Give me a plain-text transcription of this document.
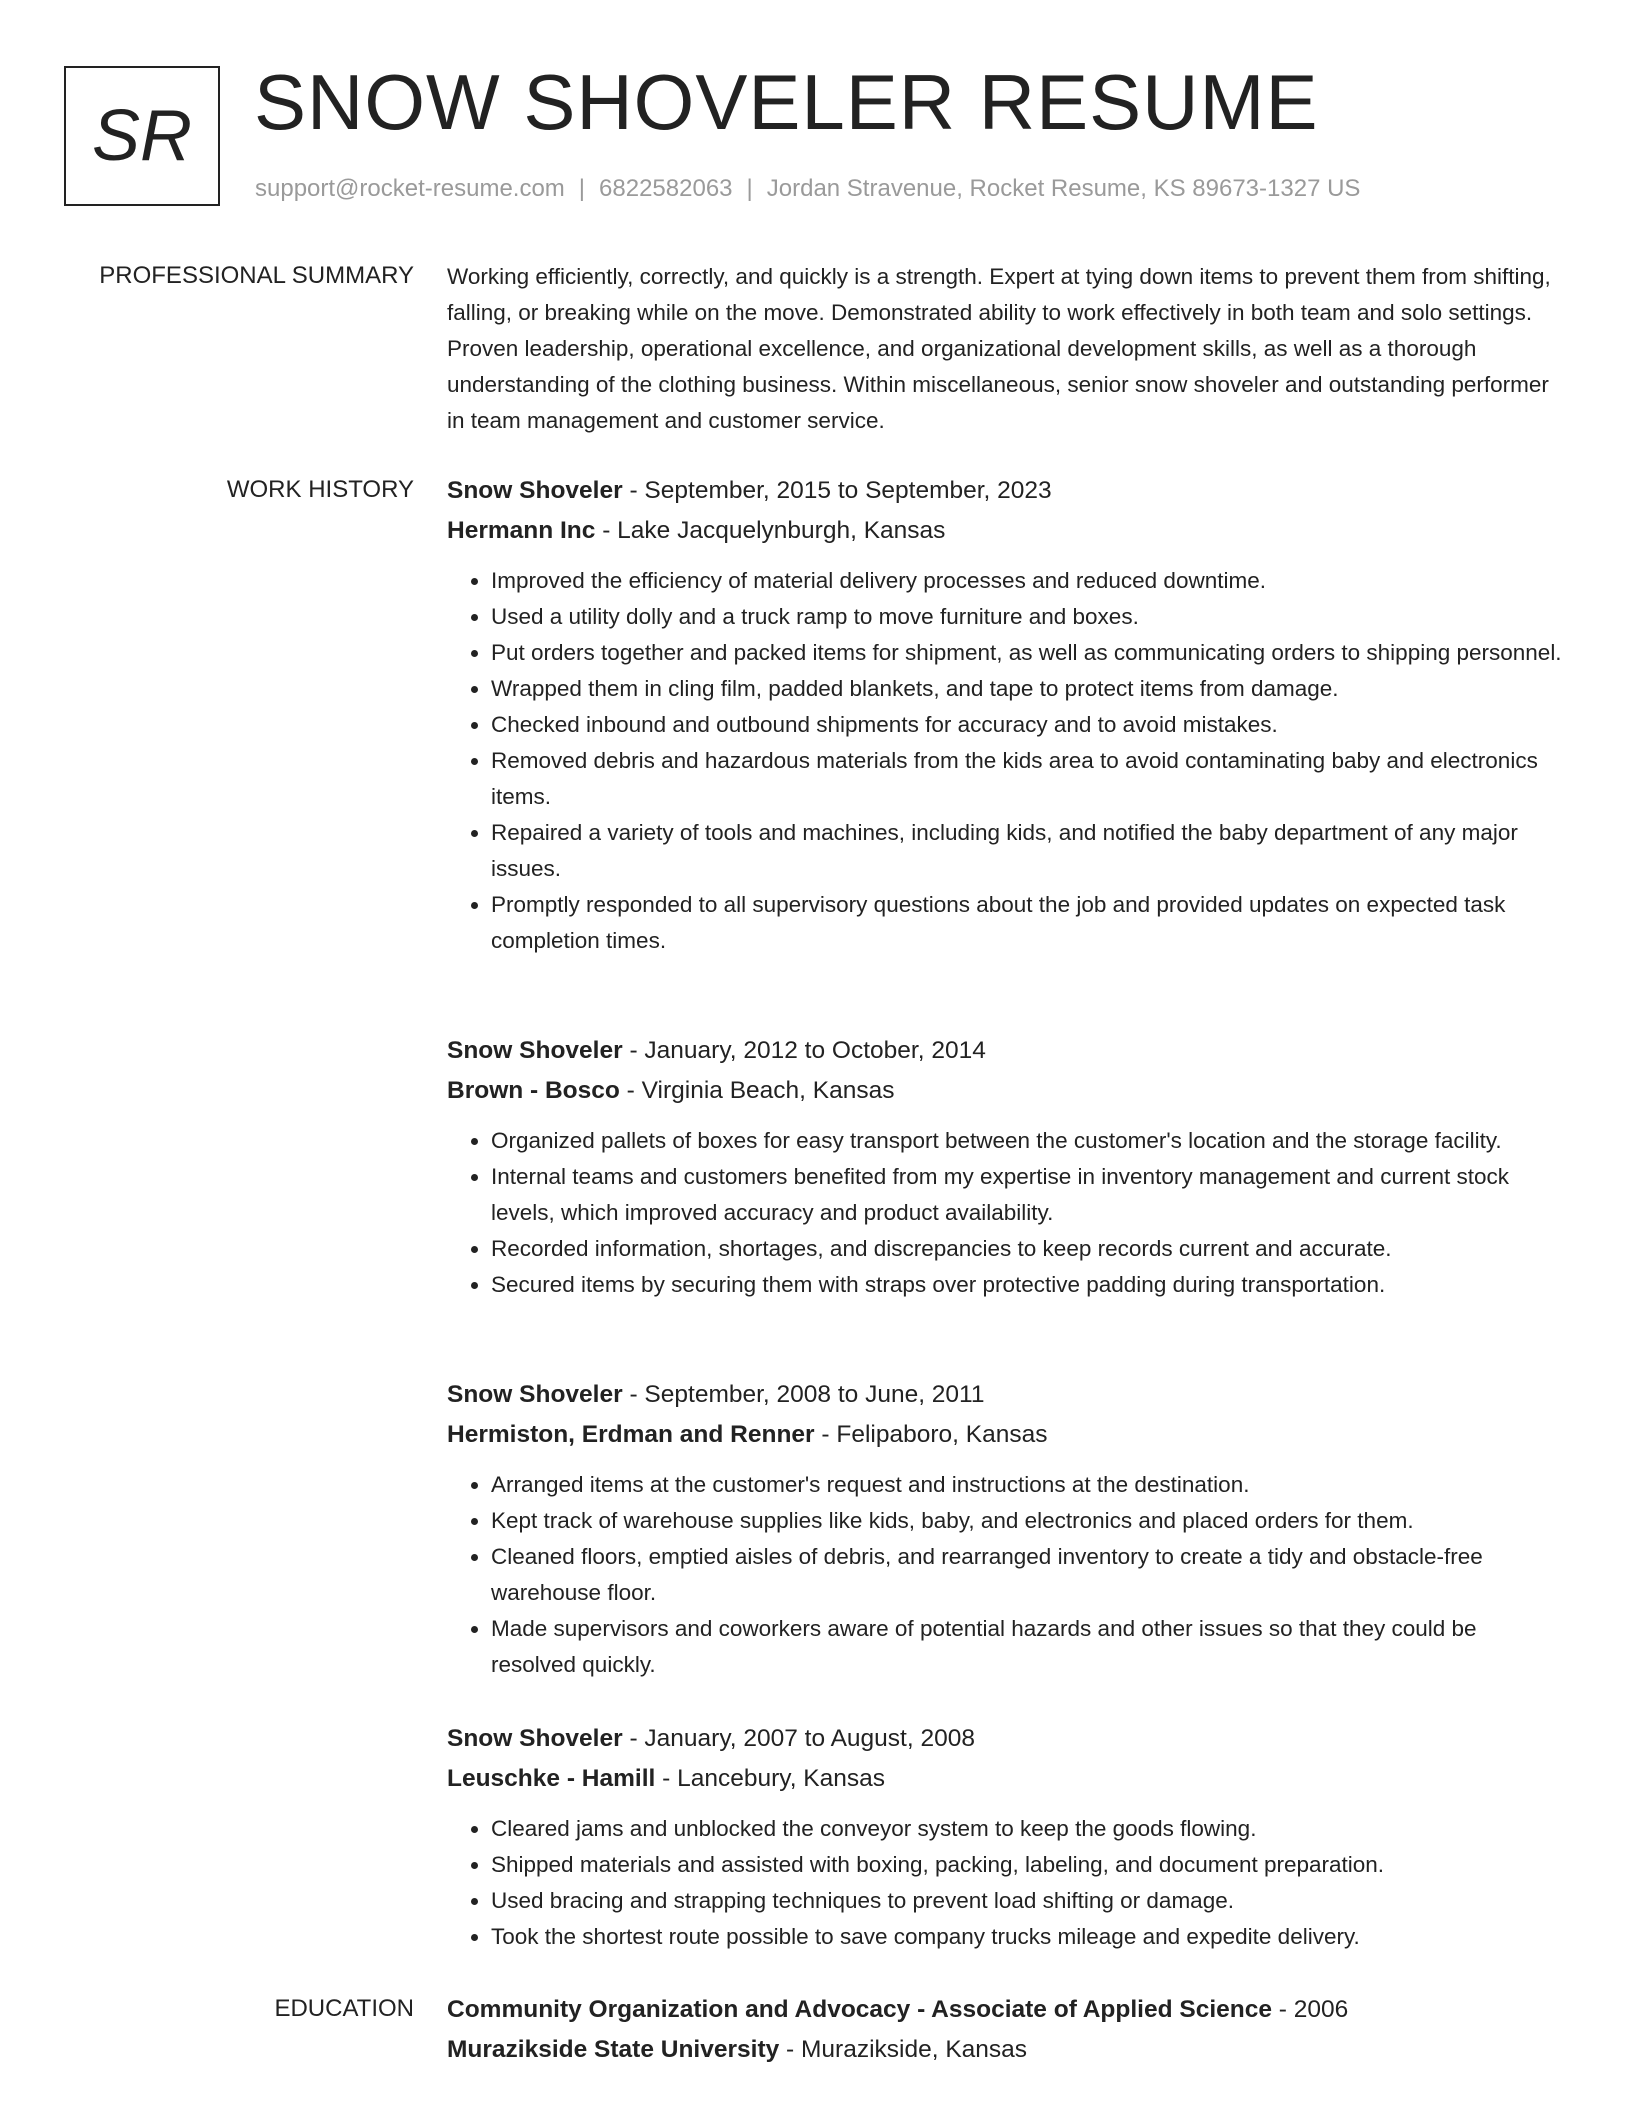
SR SNOW SHOVELER RESUME
support@rocket-resume.com | 6822582063 | Jordan Stravenue, Rocket Resume, KS 89673-1327 US
PROFESSIONAL SUMMARY Working efficiently, correctly, and quickly is a strength. Expert at tying down items to prevent them from shifting, falling, or breaking while on the move. Demonstrated ability to work effectively in both team and solo settings. Proven leadership, operational excellence, and organizational development skills, as well as a thorough understanding of the clothing business. Within miscellaneous, senior snow shoveler and outstanding performer in team management and customer service.

WORK HISTORY Snow Shoveler - September, 2015 to September, 2023
Hermann Inc - Lake Jacquelynburgh, Kansas
• Improved the efficiency of material delivery processes and reduced downtime.
• Used a utility dolly and a truck ramp to move furniture and boxes.
• Put orders together and packed items for shipment, as well as communicating orders to shipping personnel.
• Wrapped them in cling film, padded blankets, and tape to protect items from damage.
• Checked inbound and outbound shipments for accuracy and to avoid mistakes.
• Removed debris and hazardous materials from the kids area to avoid contaminating baby and electronics items.
• Repaired a variety of tools and machines, including kids, and notified the baby department of any major issues.
• Promptly responded to all supervisory questions about the job and provided updates on expected task completion times.
Snow Shoveler - January, 2012 to October, 2014
Brown - Bosco - Virginia Beach, Kansas
• Organized pallets of boxes for easy transport between the customer's location and the storage facility.
• Internal teams and customers benefited from my expertise in inventory management and current stock levels, which improved accuracy and product availability.
• Recorded information, shortages, and discrepancies to keep records current and accurate.
• Secured items by securing them with straps over protective padding during transportation.
Snow Shoveler - September, 2008 to June, 2011
Hermiston, Erdman and Renner - Felipaboro, Kansas
• Arranged items at the customer's request and instructions at the destination.
• Kept track of warehouse supplies like kids, baby, and electronics and placed orders for them.
• Cleaned floors, emptied aisles of debris, and rearranged inventory to create a tidy and obstacle-free warehouse floor.
• Made supervisors and coworkers aware of potential hazards and other issues so that they could be resolved quickly.
Snow Shoveler - January, 2007 to August, 2008
Leuschke - Hamill - Lancebury, Kansas
• Cleared jams and unblocked the conveyor system to keep the goods flowing.
• Shipped materials and assisted with boxing, packing, labeling, and document preparation.
• Used bracing and strapping techniques to prevent load shifting or damage.
• Took the shortest route possible to save company trucks mileage and expedite delivery.
EDUCATION Community Organization and Advocacy - Associate of Applied Science - 2006
Murazikside State University - Murazikside, Kansas
